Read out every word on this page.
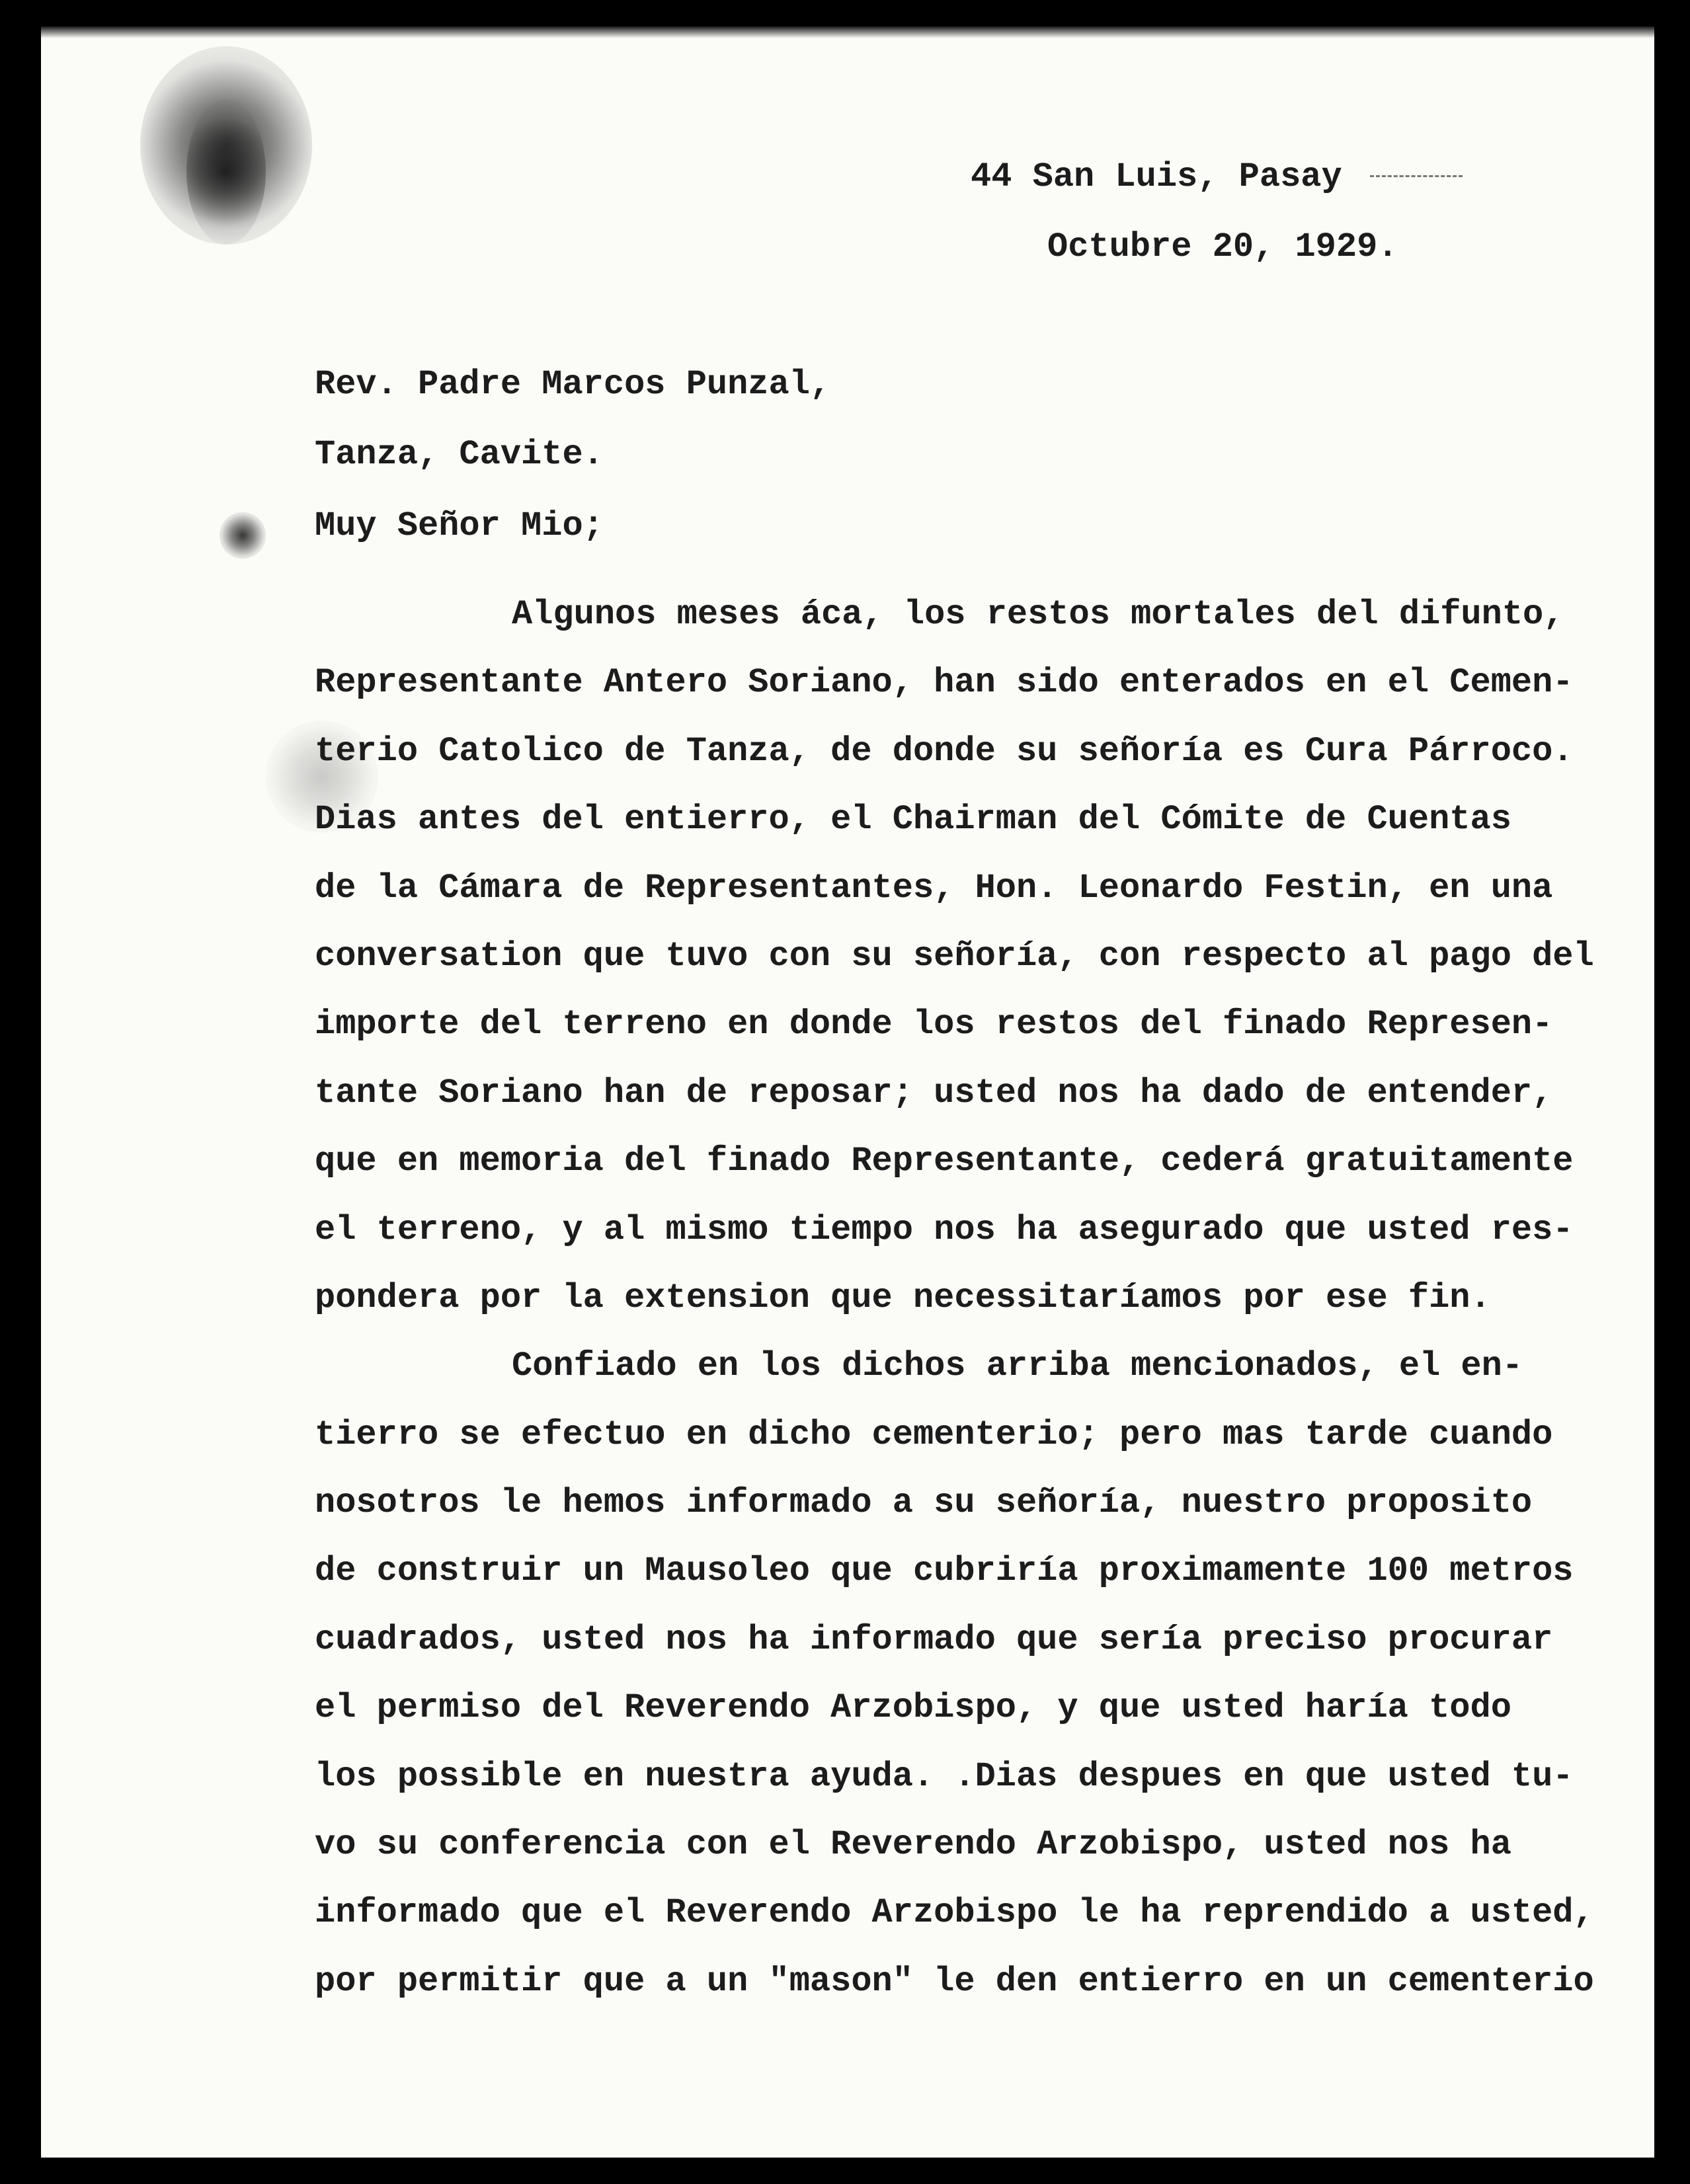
44 San Luis, Pasay
Octubre 20, 1929.
Rev. Padre Marcos Punzal,
Tanza, Cavite.
Muy Señor Mio;
Algunos meses áca, los restos mortales del difunto,
Representante Antero Soriano, han sido enterados en el Cemen-
terio Catolico de Tanza, de donde su señoría es Cura Párroco.
Dias antes del entierro, el Chairman del Cómite de Cuentas
de la Cámara de Representantes, Hon. Leonardo Festin, en una
conversation que tuvo con su señoría, con respecto al pago del
importe del terreno en donde los restos del finado Represen-
tante Soriano han de reposar; usted nos ha dado de entender,
que en memoria del finado Representante, cederá gratuitamente
el terreno, y al mismo tiempo nos ha asegurado que usted res-
pondera por la extension que necessitaríamos por ese fin.
Confiado en los dichos arriba mencionados, el en-
tierro se efectuo en dicho cementerio; pero mas tarde cuando
nosotros le hemos informado a su señoría, nuestro proposito
de construir un Mausoleo que cubriría proximamente 100 metros
cuadrados, usted nos ha informado que sería preciso procurar
el permiso del Reverendo Arzobispo, y que usted haría todo
los possible en nuestra ayuda. .Dias despues en que usted tu-
vo su conferencia con el Reverendo Arzobispo, usted nos ha
informado que el Reverendo Arzobispo le ha reprendido a usted,
por permitir que a un "mason" le den entierro en un cementerio
